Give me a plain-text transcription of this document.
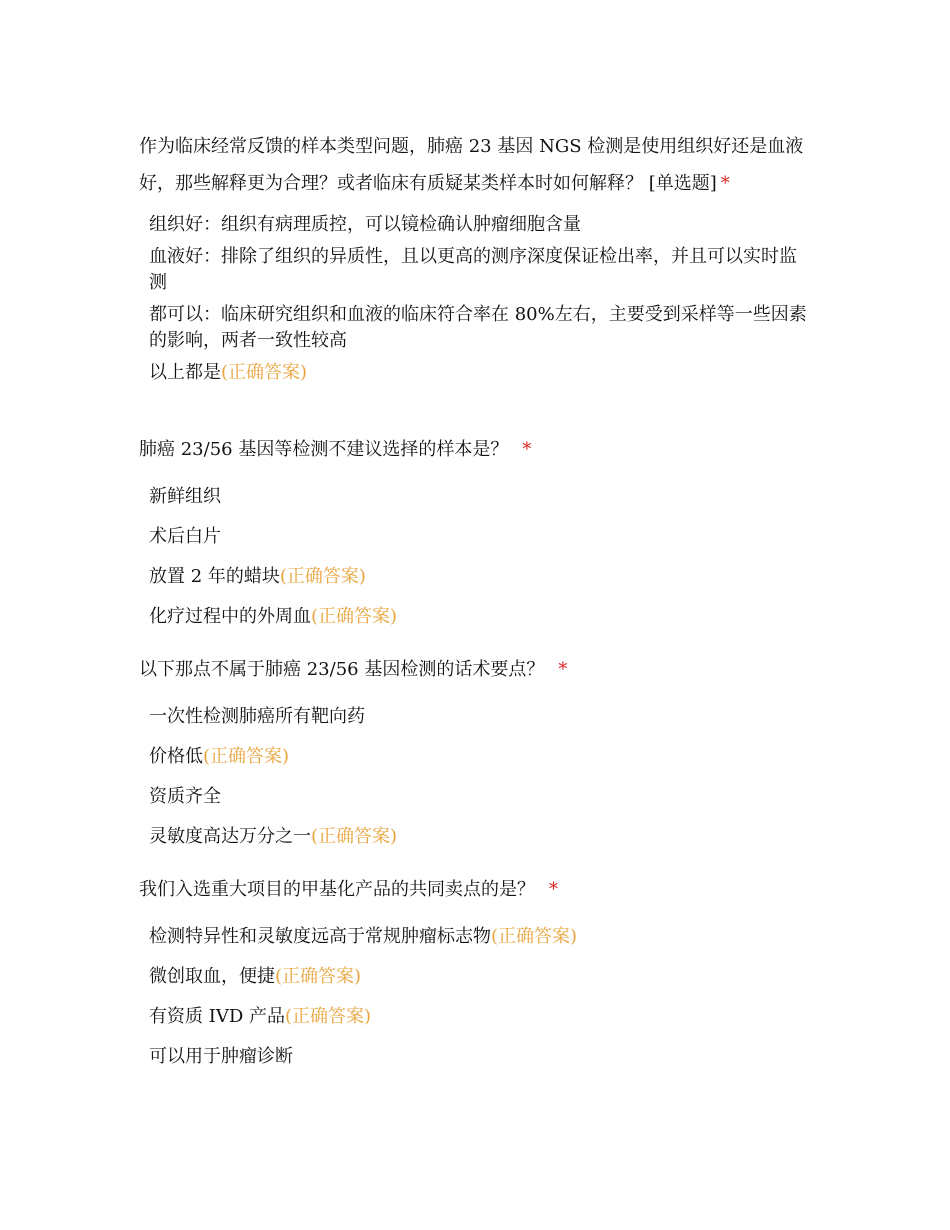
作为临床经常反馈的样本类型问题，肺癌 23 基因 NGS 检测是使用组织好还是血液好，那些解释更为合理？或者临床有质疑某类样本时如何解释？ [单选题] *

组织好：组织有病理质控，可以镜检确认肿瘤细胞含量
血液好：排除了组织的异质性，且以更高的测序深度保证检出率，并且可以实时监测
都可以：临床研究组织和血液的临床符合率在 80%左右，主要受到采样等一些因素的影响，两者一致性较高
以上都是(正确答案)

肺癌 23/56 基因等检测不建议选择的样本是？ *

新鲜组织
术后白片
放置 2 年的蜡块(正确答案)
化疗过程中的外周血(正确答案)

以下那点不属于肺癌 23/56 基因检测的话术要点？ *

一次性检测肺癌所有靶向药
价格低(正确答案)
资质齐全
灵敏度高达万分之一(正确答案)

我们入选重大项目的甲基化产品的共同卖点的是？ *

检测特异性和灵敏度远高于常规肿瘤标志物(正确答案)
微创取血，便捷(正确答案)
有资质 IVD 产品(正确答案)
可以用于肿瘤诊断
